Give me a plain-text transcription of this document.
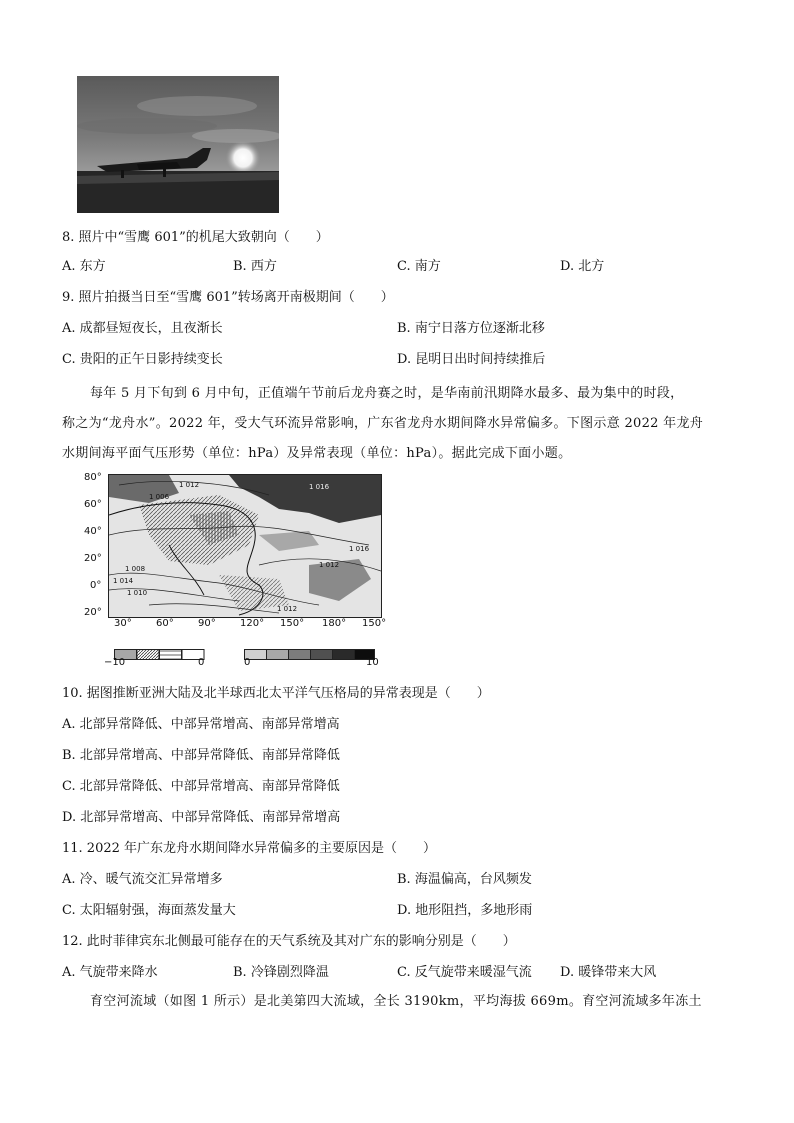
8. 照片中“雪鹰 601”的机尾大致朝向（　　）
A. 东方	B. 西方	C. 南方	D. 北方
9. 照片拍摄当日至“雪鹰 601”转场离开南极期间（　　）
A. 成都昼短夜长，且夜渐长	B. 南宁日落方位逐渐北移
C. 贵阳的正午日影持续变长	D. 昆明日出时间持续推后
每年 5 月下旬到 6 月中旬，正值端午节前后龙舟赛之时，是华南前汛期降水最多、最为集中的时段，
称之为“龙舟水”。2022 年，受大气环流异常影响，广东省龙舟水期间降水异常偏多。下图示意 2022 年龙舟
水期间海平面气压形势（单位：hPa）及异常表现（单位：hPa）。据此完成下面小题。
80°
60°
40°
20°
0°
20°
1 012	1 016
1 016
1 012
1 008
1 010
1 012
1 014
1 006
30° 60° 90° 120° 150° 180° 150°
−10	0	0	10
10. 据图推断亚洲大陆及北半球西北太平洋气压格局的异常表现是（　　）
A. 北部异常降低、中部异常增高、南部异常增高
B. 北部异常增高、中部异常降低、南部异常降低
C. 北部异常降低、中部异常增高、南部异常降低
D. 北部异常增高、中部异常降低、南部异常增高
11. 2022 年广东龙舟水期间降水异常偏多的主要原因是（　　）
A. 冷、暖气流交汇异常增多	B. 海温偏高，台风频发
C. 太阳辐射强，海面蒸发量大	D. 地形阻挡，多地形雨
12. 此时菲律宾东北侧最可能存在的天气系统及其对广东的影响分别是（　　）
A. 气旋带来降水	B. 冷锋剧烈降温	C. 反气旋带来暖湿气流 D. 暖锋带来大风
育空河流域（如图 1 所示）是北美第四大流域，全长 3190km，平均海拔 669m。育空河流域多年冻土
